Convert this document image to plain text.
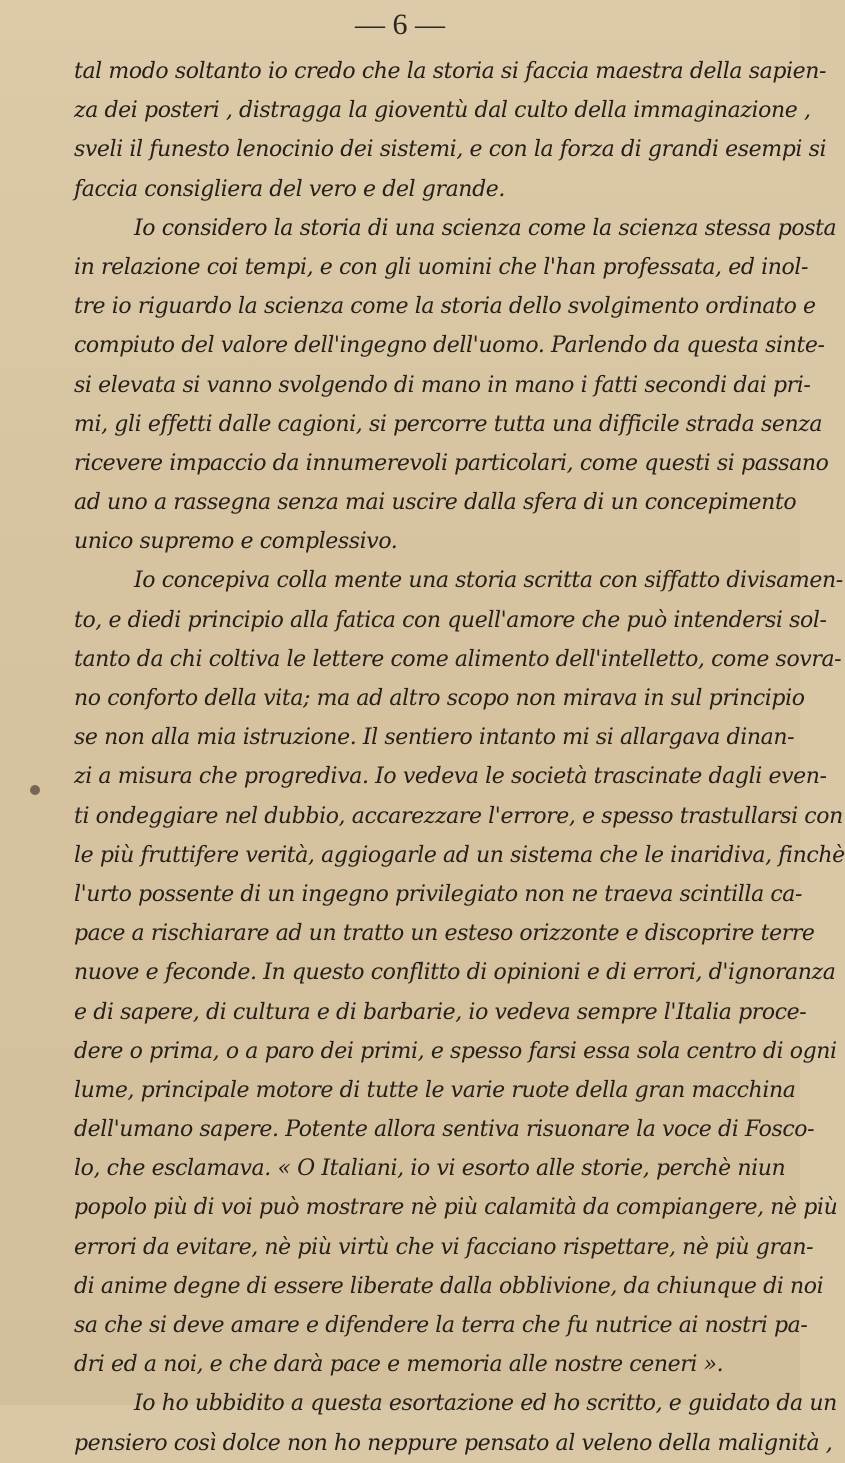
— 6 —
tal modo soltanto io credo che la storia si faccia maestra della sapien-
za dei posteri , distragga la gioventù dal culto della immaginazione ,
sveli il funesto lenocinio dei sistemi, e con la forza di grandi esempi si
faccia consigliera del vero e del grande.
Io considero la storia di una scienza come la scienza stessa posta
in relazione coi tempi, e con gli uomini che l'han professata, ed inol-
tre io riguardo la scienza come la storia dello svolgimento ordinato e
compiuto del valore dell'ingegno dell'uomo. Parlendo da questa sinte-
si elevata si vanno svolgendo di mano in mano i fatti secondi dai pri-
mi, gli effetti dalle cagioni, si percorre tutta una difficile strada senza
ricevere impaccio da innumerevoli particolari, come questi si passano
ad uno a rassegna senza mai uscire dalla sfera di un concepimento
unico supremo e complessivo.
Io concepiva colla mente una storia scritta con siffatto divisamen-
to, e diedi principio alla fatica con quell'amore che può intendersi sol-
tanto da chi coltiva le lettere come alimento dell'intelletto, come sovra-
no conforto della vita; ma ad altro scopo non mirava in sul principio
se non alla mia istruzione. Il sentiero intanto mi si allargava dinan-
zi a misura che progrediva. Io vedeva le società trascinate dagli even-
ti ondeggiare nel dubbio, accarezzare l'errore, e spesso trastullarsi con
le più fruttifere verità, aggiogarle ad un sistema che le inaridiva, finchè
l'urto possente di un ingegno privilegiato non ne traeva scintilla ca-
pace a rischiarare ad un tratto un esteso orizzonte e discoprire terre
nuove e feconde. In questo conflitto di opinioni e di errori, d'ignoranza
e di sapere, di cultura e di barbarie, io vedeva sempre l'Italia proce-
dere o prima, o a paro dei primi, e spesso farsi essa sola centro di ogni
lume, principale motore di tutte le varie ruote della gran macchina
dell'umano sapere. Potente allora sentiva risuonare la voce di Fosco-
lo, che esclamava. « O Italiani, io vi esorto alle storie, perchè niun
popolo più di voi può mostrare nè più calamità da compiangere, nè più
errori da evitare, nè più virtù che vi facciano rispettare, nè più gran-
di anime degne di essere liberate dalla obblivione, da chiunque di noi
sa che si deve amare e difendere la terra che fu nutrice ai nostri pa-
dri ed a noi, e che darà pace e memoria alle nostre ceneri ».
Io ho ubbidito a questa esortazione ed ho scritto, e guidato da un
pensiero così dolce non ho neppure pensato al veleno della malignità ,
